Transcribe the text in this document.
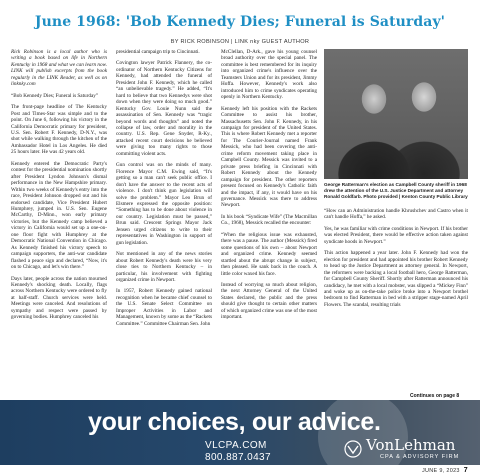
June 1968: 'Bob Kennedy Dies; Funeral is Saturday'
BY RICK ROBINSON | LINK nky GUEST AUTHOR

Rick Robinson is a local author who is writing a book based on life in Northern Kentucky in 1968 and what we can learn now. LINK will publish excerpts from the book regularly in the LINK Reader, as well as on linknky.com

“Bob Kennedy Dies; Funeral is Saturday”

The front-page headline of The Kentucky Post and Times-Star was simple and to the point. On June 6, following his victory in the California Democratic primary for president, U.S. Sen. Robert F. Kennedy, D-N.Y., was shot while walking through the kitchen of the Ambassador Hotel in Los Angeles. He died 25 hours later. He was 42 years old.

Kennedy entered the Democratic Party's contest for the presidential nomination shortly after President Lyndon Johnson's dismal performance in the New Hampshire primary. Within two weeks of Kennedy's entry into the race, President Johnson dropped out and his endorsed candidate, Vice President Hubert Humphrey, jumped in. U.S. Sen. Eugene McCarthy, D-Minn., won early primary victories, but the Kennedy camp believed a victory in California would set up a one-on-one floor fight with Humphrey at the Democratic National Convention in Chicago. As Kennedy finished his victory speech to campaign supporters, the anti-war candidate flashed a peace sign and declared, “Now, it's on to Chicago, and let's win there.”

Days later, people across the nation mourned Kennedy's shocking death. Locally, flags across Northern Kentucky were ordered to fly at half-staff. Church services were held. Meetings were canceled. And resolutions of sympathy and respect were passed by governing bodies. Humphrey canceled his

presidential campaign trip to Cincinnati.

Covington lawyer Patrick Flannery, the co-ordinator of Northern Kentucky Citizens for Kennedy, had attended the funeral of President John F. Kennedy, which he called “an unbelievable tragedy.” He added, “It's hard to believe that two Kennedys were shot down when they were doing so much good.” Kentucky Gov. Louie Nunn said the assassination of Sen. Kennedy was “tragic beyond words and thoughts” and noted the collapse of law, order and morality in the country. U.S. Rep. Gene Snyder, R-Ky., attacked recent court decisions he believed were giving too many rights to those committing violent acts.

Gun control was on the minds of many. Florence Mayor C.M. Ewing said, “It's getting so a man can't seek public office. I don't have the answer to the recent acts of violence. I don't think gun legislation will solve the problem.” Mayor Leo Brun of Elsmere expressed the opposite position: “Something has to be done about violence in our country. Legislation must be passed,” Brun said. Crescent Springs Mayor Jack Jensen urged citizens to write to their representatives in Washington in support of gun legislation.

Not mentioned in any of the news stories about Robert Kennedy's death were his very close ties to Northern Kentucky – in particular, his involvement with fighting organized crime in Newport.

In 1957, Robert Kennedy gained national recognition when he became chief counsel to the U.S. Senate Select Committee on Improper Activities in Labor and Management, known by some as the “Rackets Committee.” Committee Chairman Sen. John

George Ratterman's election as Campbell County sheriff in 1968 drew the attention of the U.S. Justice Department and attorney Ronald Goldfarb. Photo provided | Kenton County Public Library

“How can an Administration handle Khrushchev and Castro when it can't handle Hoffa,” he asked.

Yes, he was familiar with crime conditions in Newport. If his brother was elected President, there would be effective action taken against syndicate hoods in Newport.”

This action happened a year later. John F. Kennedy had won the election for president and had appointed his brother Robert Kennedy to head up the Justice Department as attorney general. In Newport, the reformers were backing a local football hero, George Ratterman, for Campbell County Sheriff. Shortly after Ratterman announced his candidacy, he met with a local mobster, was slipped a “Mickey Finn” and woke up as on-the-take police broke into a Newport brothel bedroom to find Ratterman in bed with a stripper stage-named April Flowers. The scandal, resulting trials

Continues on page 8
your choices, our advice.
VLCPA.COM
800.887.0437
VonLehman
CPA & ADVISORY FIRM
JUNE 9, 2023 7

McClellan, D-Ark., gave his young counsel broad authority over the special panel. The committee is best remembered for its inquiry into organized crime's influence over the Teamsters Union and for its president, Jimmy Hoffa. However, Kennedy's work also introduced him to crime syndicates operating openly in Northern Kentucky.

Kennedy left his position with the Rackets Committee to assist his brother, Massachusetts Sen. John F. Kennedy, in his campaign for president of the United States. This is where Robert Kennedy met a reporter for The Courier-Journal named Frank Messick, who had been covering the anti-crime reform movement taking place in Campbell County. Messick was invited to a private press briefing in Cincinnati with Robert Kennedy about the Kennedy campaign for president. The other reporters present focused on Kennedy's Catholic faith and the impact, if any, it would have on his governance. Messick was there to address Newport.

In his book “Syndicate Wife” (The Macmillan Co., 1968), Messick recalled the encounter:

“When the religious issue was exhausted, there was a pause. The author (Messick) fired some questions of his own – about Newport and organized crime. Kennedy seemed startled about the abrupt change in subject, then pleased. He sank back in the couch. A little color waxed his face.

Instead of worrying so much about religion, the next Attorney General of the United States declared, the public and the press should give thought to certain other matters of which organized crime was one of the most important.
